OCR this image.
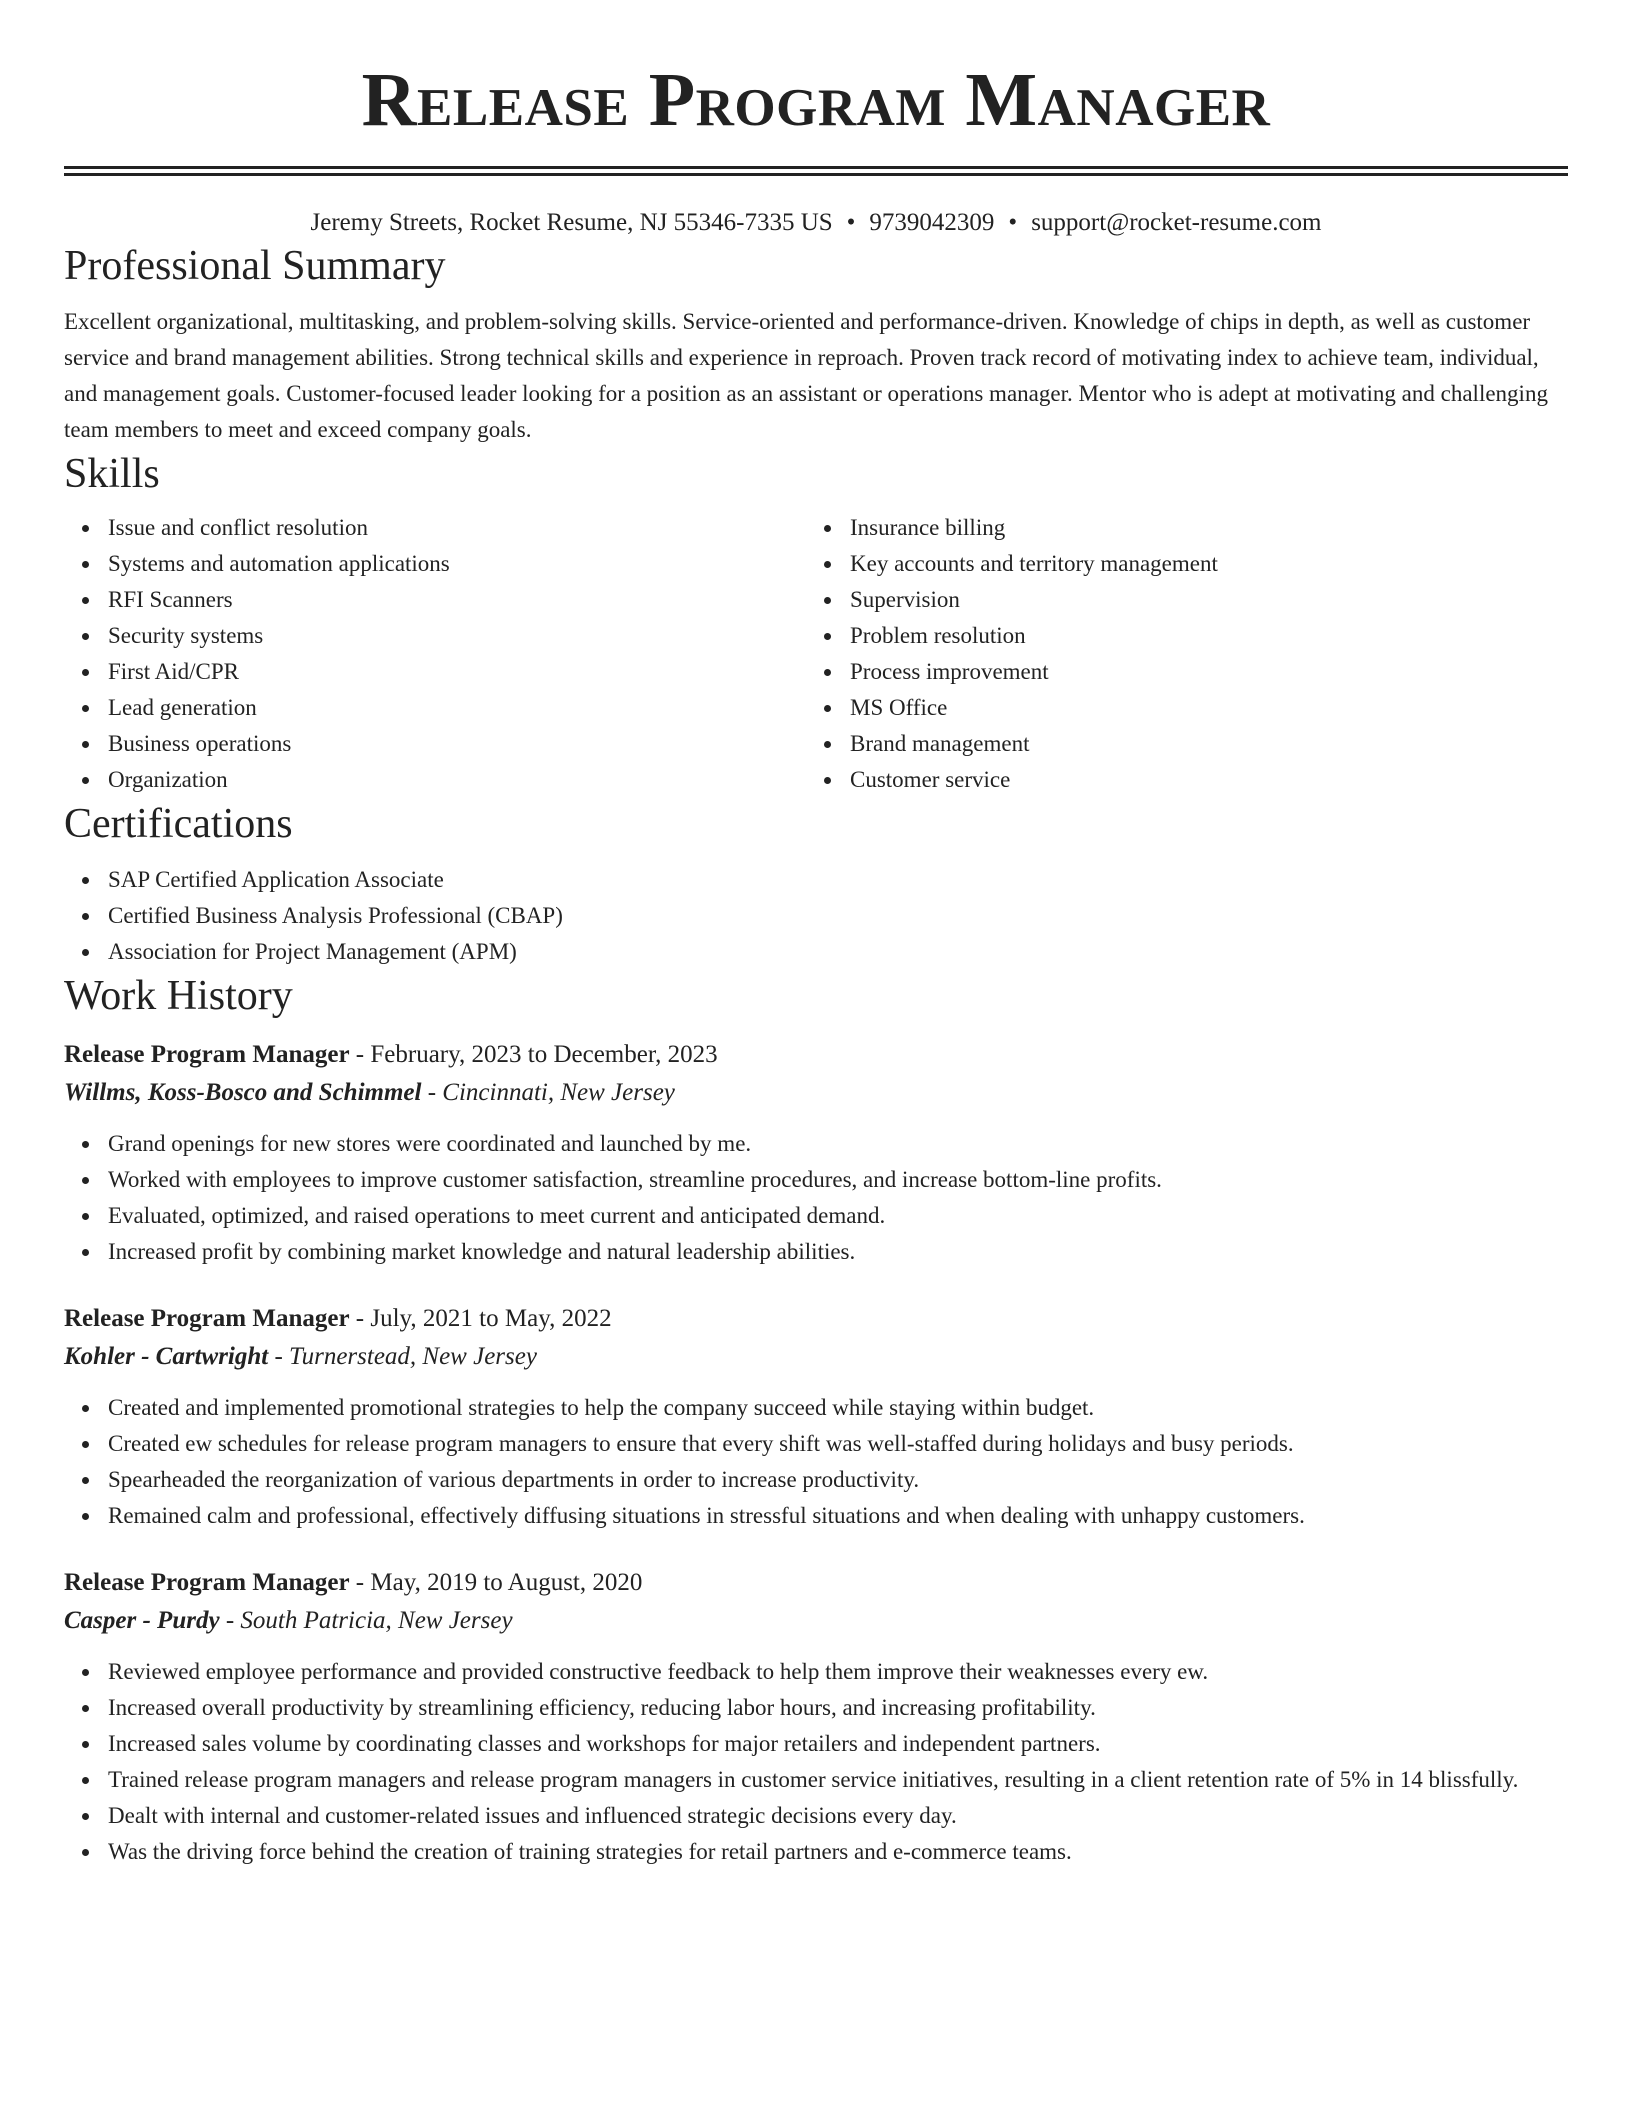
Release Program Manager
Jeremy Streets, Rocket Resume, NJ 55346-7335 US • 9739042309 • support@rocket-resume.com
Professional Summary
Excellent organizational, multitasking, and problem-solving skills. Service-oriented and performance-driven. Knowledge of chips in depth, as well as customer service and brand management abilities. Strong technical skills and experience in reproach. Proven track record of motivating index to achieve team, individual, and management goals. Customer-focused leader looking for a position as an assistant or operations manager. Mentor who is adept at motivating and challenging team members to meet and exceed company goals.
Skills
Issue and conflict resolution
Systems and automation applications
RFI Scanners
Security systems
First Aid/CPR
Lead generation
Business operations
Organization
Insurance billing
Key accounts and territory management
Supervision
Problem resolution
Process improvement
MS Office
Brand management
Customer service
Certifications
SAP Certified Application Associate
Certified Business Analysis Professional (CBAP)
Association for Project Management (APM)
Work History
Release Program Manager - February, 2023 to December, 2023
Willms, Koss-Bosco and Schimmel - Cincinnati, New Jersey
Grand openings for new stores were coordinated and launched by me.
Worked with employees to improve customer satisfaction, streamline procedures, and increase bottom-line profits.
Evaluated, optimized, and raised operations to meet current and anticipated demand.
Increased profit by combining market knowledge and natural leadership abilities.
Release Program Manager - July, 2021 to May, 2022
Kohler - Cartwright - Turnerstead, New Jersey
Created and implemented promotional strategies to help the company succeed while staying within budget.
Created ew schedules for release program managers to ensure that every shift was well-staffed during holidays and busy periods.
Spearheaded the reorganization of various departments in order to increase productivity.
Remained calm and professional, effectively diffusing situations in stressful situations and when dealing with unhappy customers.
Release Program Manager - May, 2019 to August, 2020
Casper - Purdy - South Patricia, New Jersey
Reviewed employee performance and provided constructive feedback to help them improve their weaknesses every ew.
Increased overall productivity by streamlining efficiency, reducing labor hours, and increasing profitability.
Increased sales volume by coordinating classes and workshops for major retailers and independent partners.
Trained release program managers and release program managers in customer service initiatives, resulting in a client retention rate of 5% in 14 blissfully.
Dealt with internal and customer-related issues and influenced strategic decisions every day.
Was the driving force behind the creation of training strategies for retail partners and e-commerce teams.
